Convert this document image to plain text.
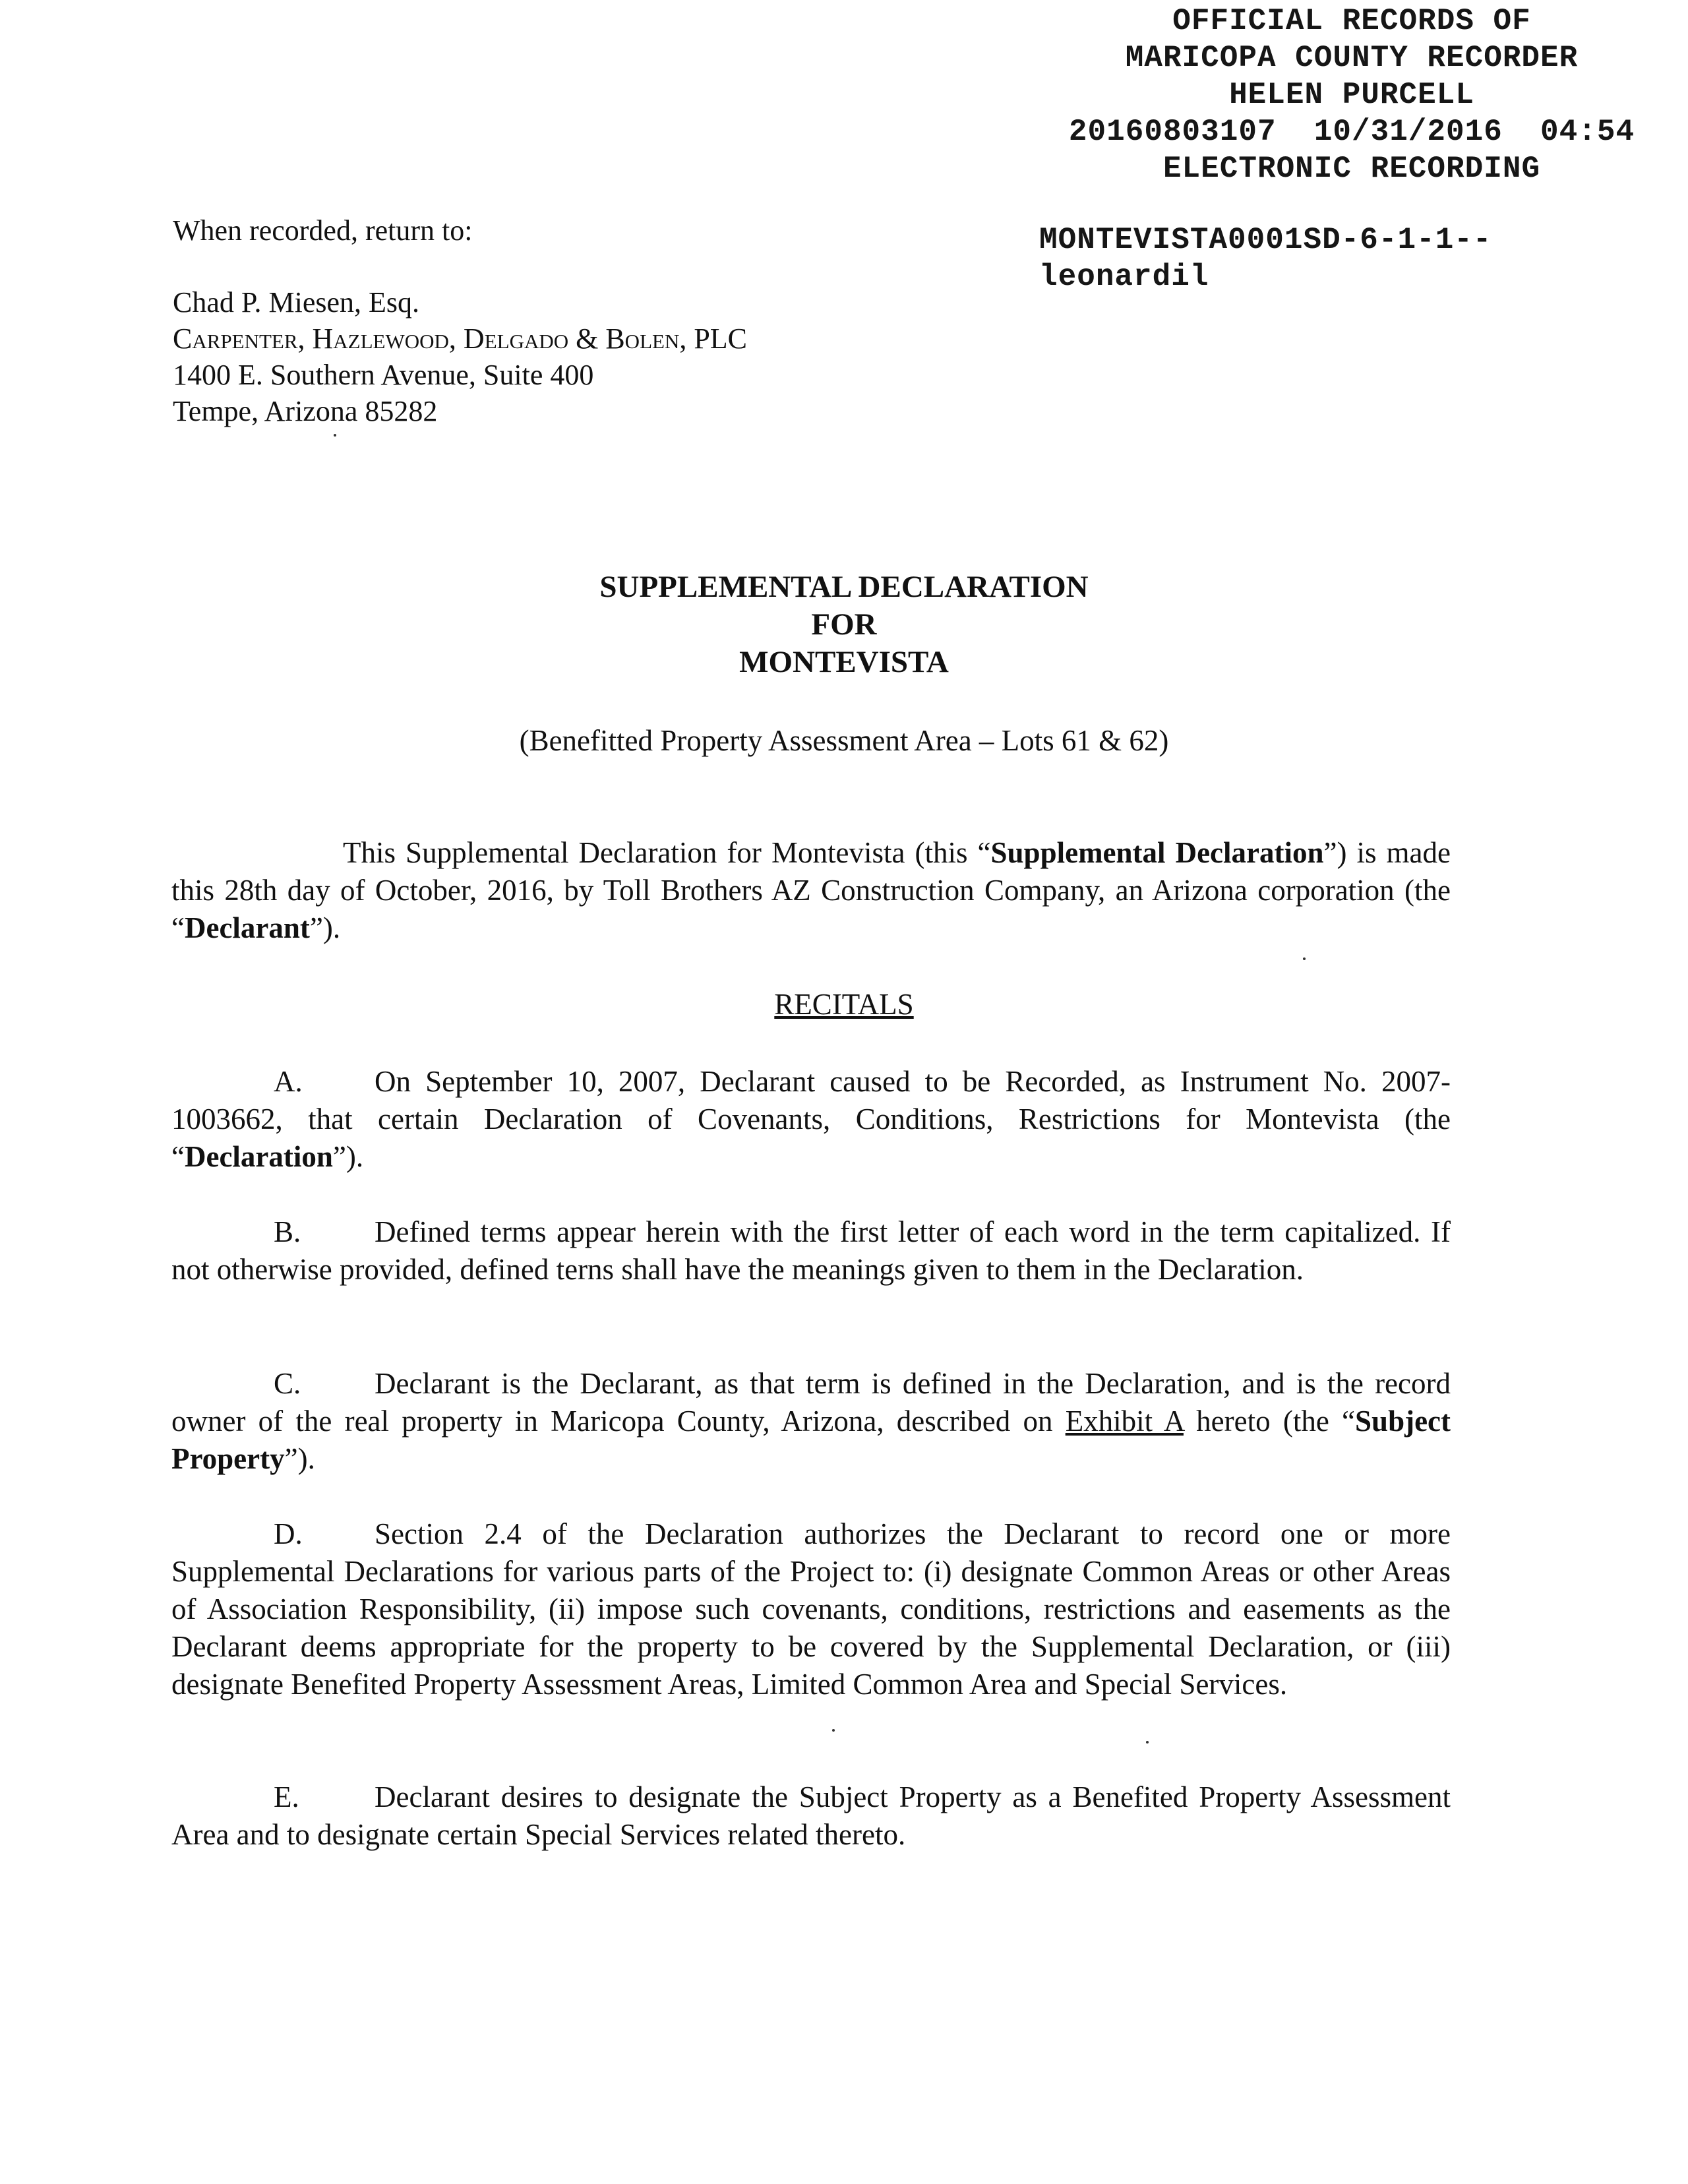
OFFICIAL RECORDS OF
MARICOPA COUNTY RECORDER
HELEN PURCELL
20160803107  10/31/2016  04:54
ELECTRONIC RECORDING
MONTEVISTA0001SD-6-1-1--
leonardil
When recorded, return to:
Chad P. Miesen, Esq.
Carpenter, Hazlewood, Delgado & Bolen, PLC
1400 E. Southern Avenue, Suite 400
Tempe, Arizona 85282
SUPPLEMENTAL DECLARATION
FOR
MONTEVISTA
(Benefitted Property Assessment Area – Lots 61 & 62)
This Supplemental Declaration for Montevista (this “Supplemental Declaration”) is made this 28th day of October, 2016, by Toll Brothers AZ Construction Company, an Arizona corporation (the “Declarant”).
RECITALS
A. On September 10, 2007, Declarant caused to be Recorded, as Instrument No. 2007-1003662, that certain Declaration of Covenants, Conditions, Restrictions for Montevista (the “Declaration”).
B. Defined terms appear herein with the first letter of each word in the term capitalized. If not otherwise provided, defined terns shall have the meanings given to them in the Declaration.
C. Declarant is the Declarant, as that term is defined in the Declaration, and is the record owner of the real property in Maricopa County, Arizona, described on Exhibit A hereto (the “Subject Property”).
D. Section 2.4 of the Declaration authorizes the Declarant to record one or more Supplemental Declarations for various parts of the Project to: (i) designate Common Areas or other Areas of Association Responsibility, (ii) impose such covenants, conditions, restrictions and easements as the Declarant deems appropriate for the property to be covered by the Supplemental Declaration, or (iii) designate Benefited Property Assessment Areas, Limited Common Area and Special Services.
E.	Declarant desires to designate the Subject Property as a Benefited Property Assessment Area and to designate certain Special Services related thereto.
